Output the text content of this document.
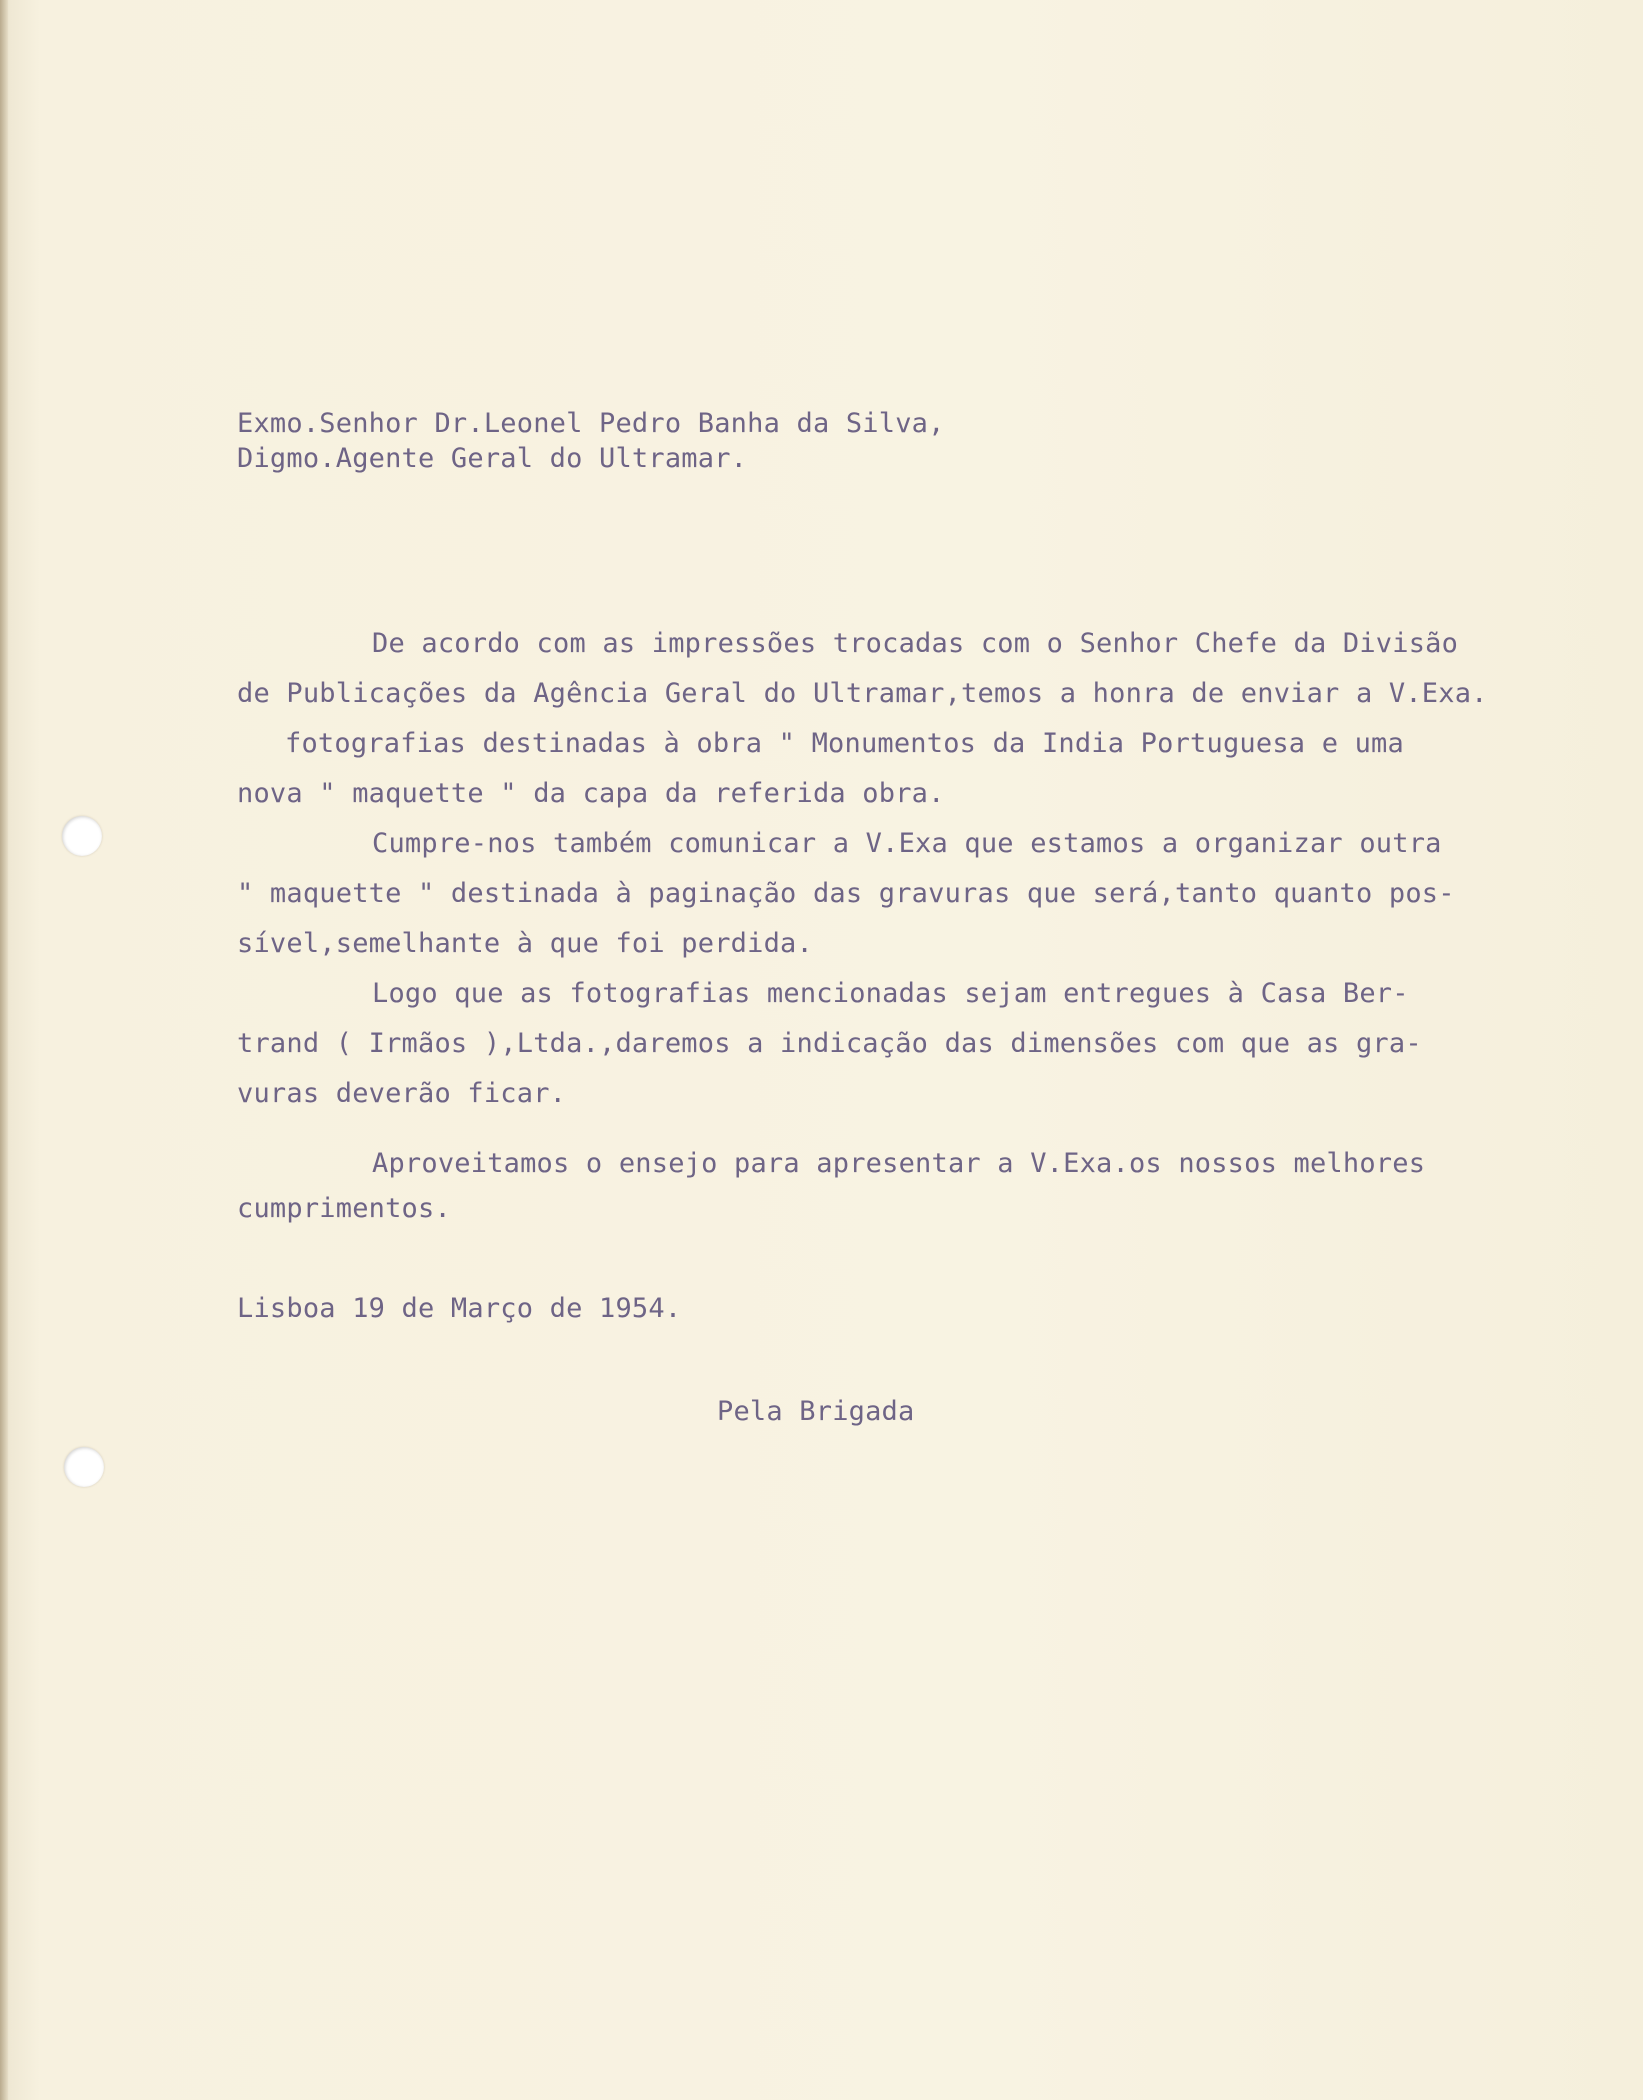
Exmo.Senhor Dr.Leonel Pedro Banha da Silva,
Digmo.Agente Geral do Ultramar.
De acordo com as impressões trocadas com o Senhor Chefe da Divisão
de Publicações da Agência Geral do Ultramar,temos a honra de enviar a V.Exa.
fotografias destinadas à obra " Monumentos da India Portuguesa e uma
nova " maquette " da capa da referida obra.
Cumpre-nos também comunicar a V.Exa que estamos a organizar outra
" maquette " destinada à paginação das gravuras que será,tanto quanto pos-
sível,semelhante à que foi perdida.
Logo que as fotografias mencionadas sejam entregues à Casa Ber-
trand ( Irmãos ),Ltda.,daremos a indicação das dimensões com que as gra-
vuras deverão ficar.
Aproveitamos o ensejo para apresentar a V.Exa.os nossos melhores
cumprimentos.
Lisboa 19 de Março de 1954.
Pela Brigada
